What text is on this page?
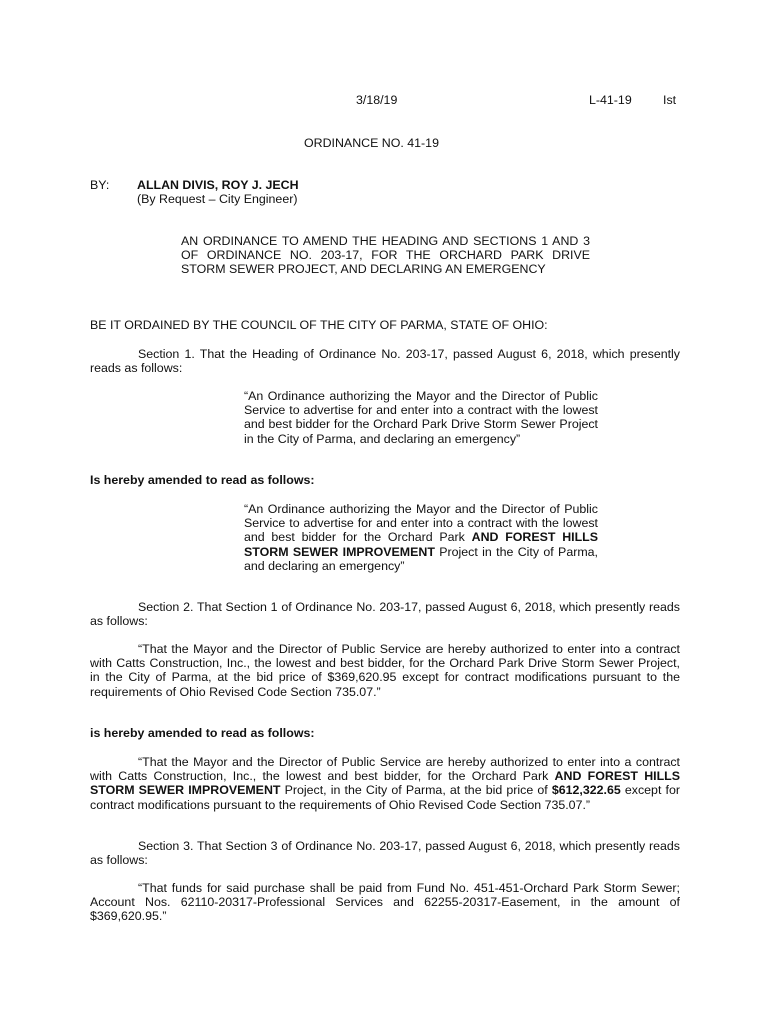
3/18/19	L-41-19	Ist
ORDINANCE NO. 41-19
BY: ALLAN DIVIS, ROY J. JECH
(By Request – City Engineer)
AN ORDINANCE TO AMEND THE HEADING AND SECTIONS 1 AND 3 OF ORDINANCE NO. 203-17, FOR THE ORCHARD PARK DRIVE STORM SEWER PROJECT, AND DECLARING AN EMERGENCY
BE IT ORDAINED BY THE COUNCIL OF THE CITY OF PARMA, STATE OF OHIO:
Section 1. That the Heading of Ordinance No. 203-17, passed August 6, 2018, which presently reads as follows:
“An Ordinance authorizing the Mayor and the Director of Public Service to advertise for and enter into a contract with the lowest and best bidder for the Orchard Park Drive Storm Sewer Project in the City of Parma, and declaring an emergency”
Is hereby amended to read as follows:
“An Ordinance authorizing the Mayor and the Director of Public Service to advertise for and enter into a contract with the lowest and best bidder for the Orchard Park AND FOREST HILLS STORM SEWER IMPROVEMENT Project in the City of Parma, and declaring an emergency”
Section 2. That Section 1 of Ordinance No. 203-17, passed August 6, 2018, which presently reads as follows:
“That the Mayor and the Director of Public Service are hereby authorized to enter into a contract with Catts Construction, Inc., the lowest and best bidder, for the Orchard Park Drive Storm Sewer Project, in the City of Parma, at the bid price of $369,620.95 except for contract modifications pursuant to the requirements of Ohio Revised Code Section 735.07.”
is hereby amended to read as follows:
“That the Mayor and the Director of Public Service are hereby authorized to enter into a contract with Catts Construction, Inc., the lowest and best bidder, for the Orchard Park AND FOREST HILLS STORM SEWER IMPROVEMENT Project, in the City of Parma, at the bid price of $612,322.65 except for contract modifications pursuant to the requirements of Ohio Revised Code Section 735.07.”
Section 3. That Section 3 of Ordinance No. 203-17, passed August 6, 2018, which presently reads as follows:
“That funds for said purchase shall be paid from Fund No. 451-451-Orchard Park Storm Sewer; Account Nos. 62110-20317-Professional Services and 62255-20317-Easement, in the amount of $369,620.95.”
